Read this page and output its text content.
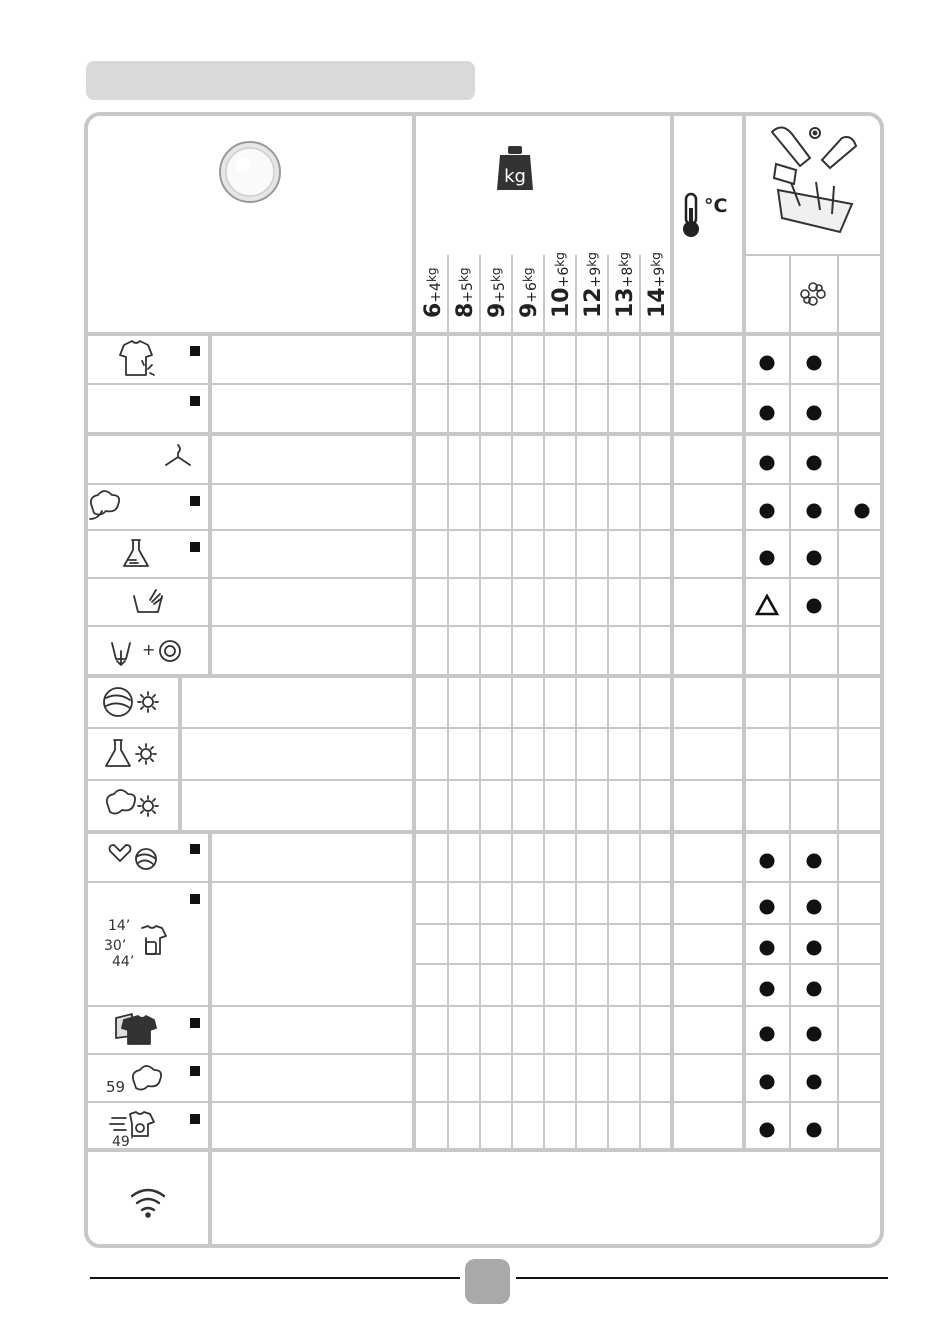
kg
°C
$6+4^{kg}$
$8+5^{kg}$
$9+5^{kg}$
$9+6^{kg}$
$10+6^{kg}$
$12+9^{kg}$
$13+8^{kg}$
$14+9^{kg}$
+
14’
30’
44’
59
49’
